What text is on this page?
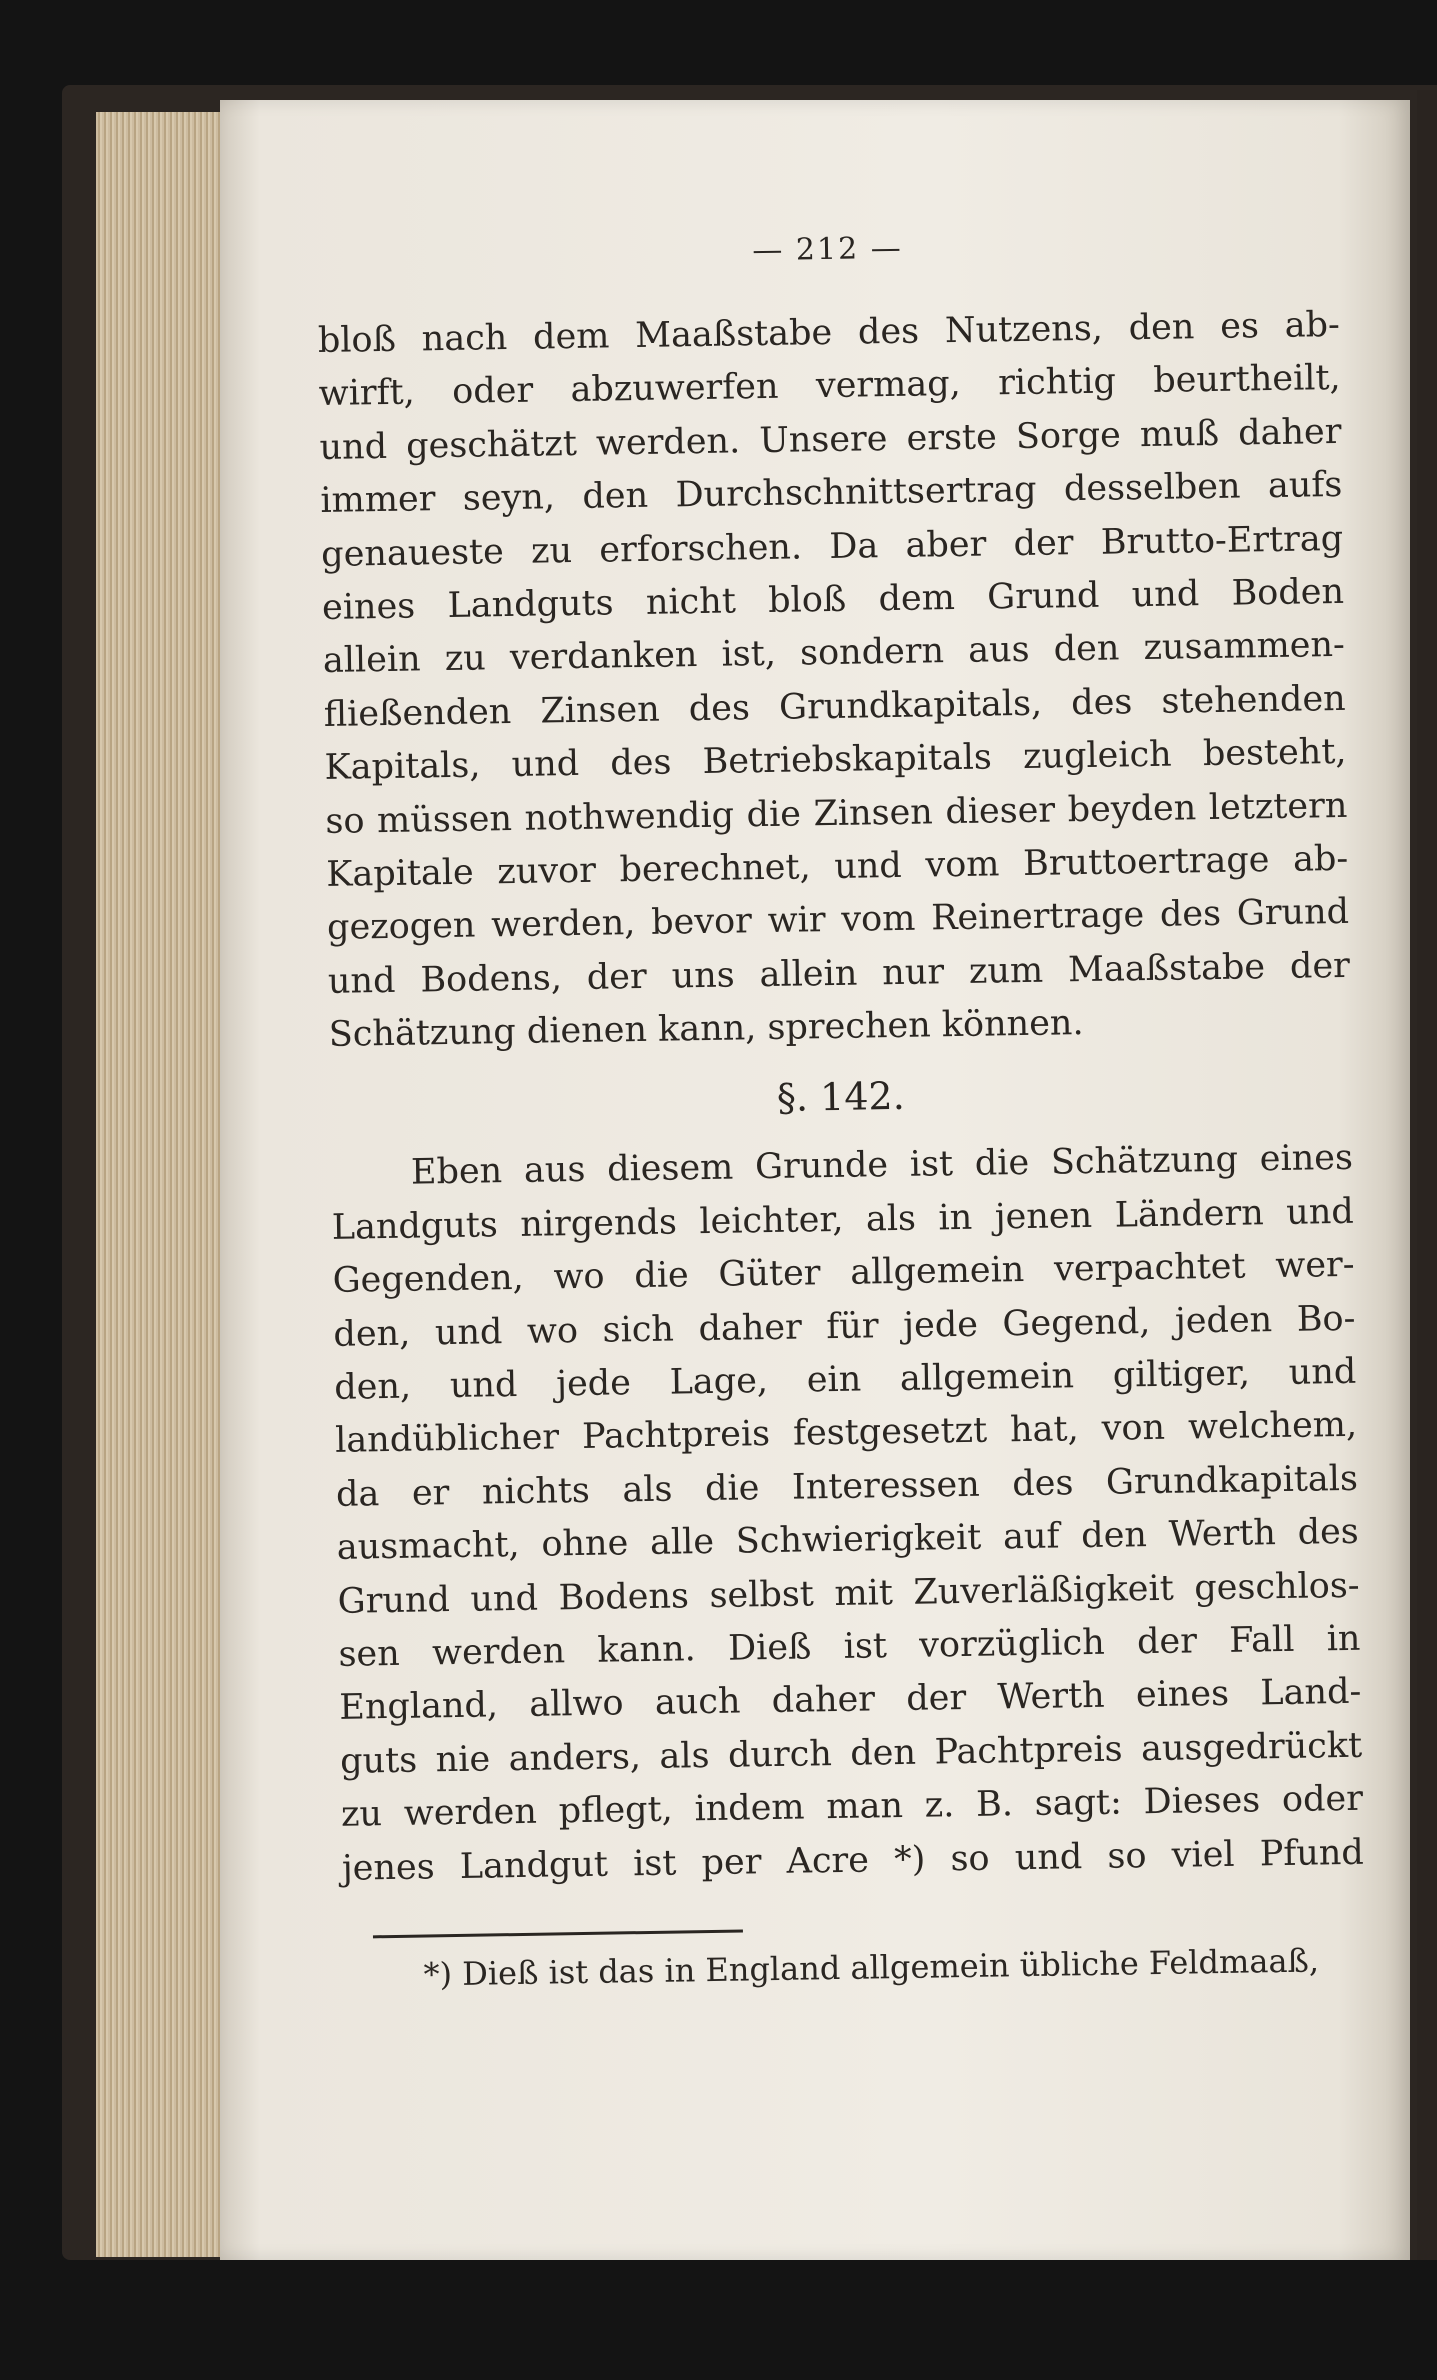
— 212 —
bloß nach dem Maaßstabe des Nutzens, den es ab-
wirft, oder abzuwerfen vermag, richtig beurtheilt,
und geschätzt werden. Unsere erste Sorge muß daher
immer seyn, den Durchschnittsertrag desselben aufs
genaueste zu erforschen. Da aber der Brutto-Ertrag
eines Landguts nicht bloß dem Grund und Boden
allein zu verdanken ist, sondern aus den zusammen-
fließenden Zinsen des Grundkapitals, des stehenden
Kapitals, und des Betriebskapitals zugleich besteht,
so müssen nothwendig die Zinsen dieser beyden letztern
Kapitale zuvor berechnet, und vom Bruttoertrage ab-
gezogen werden, bevor wir vom Reinertrage des Grund
und Bodens, der uns allein nur zum Maaßstabe der
Schätzung dienen kann, sprechen können.
§. 142.
Eben aus diesem Grunde ist die Schätzung eines
Landguts nirgends leichter, als in jenen Ländern und
Gegenden, wo die Güter allgemein verpachtet wer-
den, und wo sich daher für jede Gegend, jeden Bo-
den, und jede Lage, ein allgemein giltiger, und
landüblicher Pachtpreis festgesetzt hat, von welchem,
da er nichts als die Interessen des Grundkapitals
ausmacht, ohne alle Schwierigkeit auf den Werth des
Grund und Bodens selbst mit Zuverläßigkeit geschlos-
sen werden kann. Dieß ist vorzüglich der Fall in
England, allwo auch daher der Werth eines Land-
guts nie anders, als durch den Pachtpreis ausgedrückt
zu werden pflegt, indem man z. B. sagt: Dieses oder
jenes Landgut ist per Acre *) so und so viel Pfund
*) Dieß ist das in England allgemein übliche Feldmaaß,
